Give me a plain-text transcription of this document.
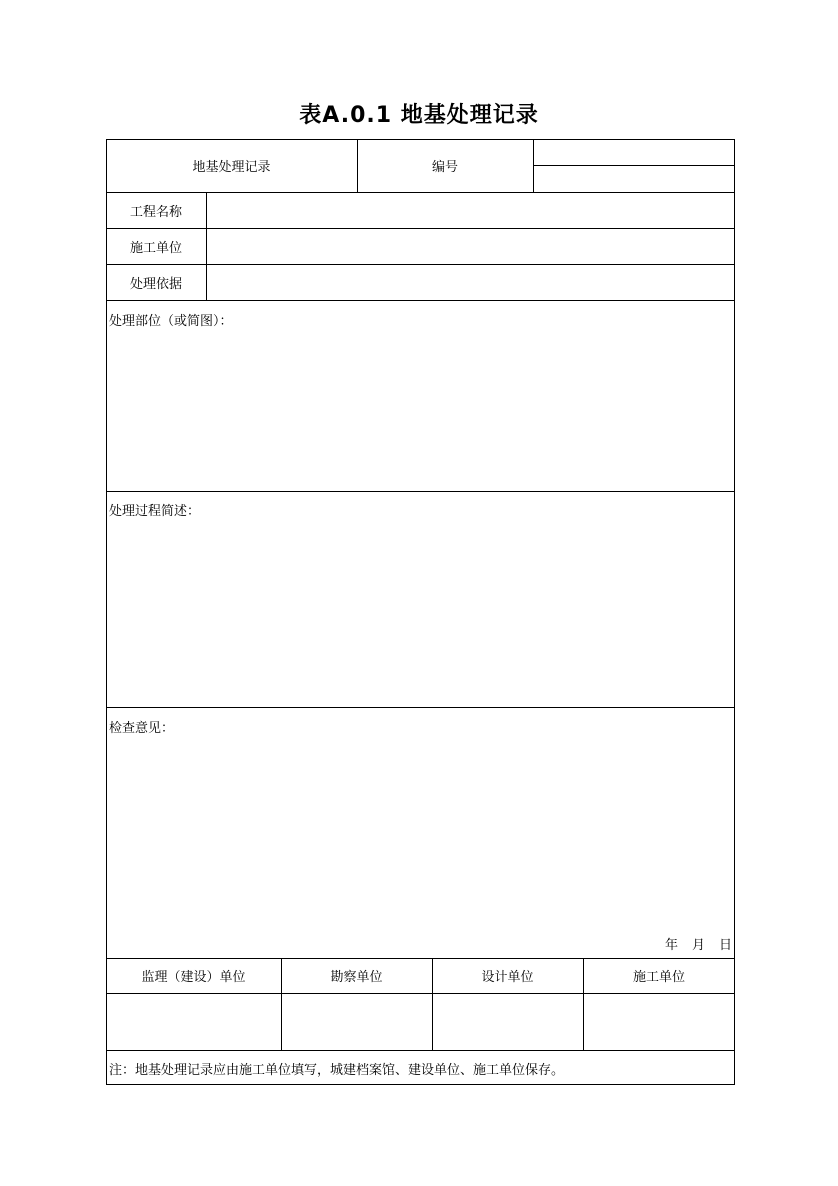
表A.0.1 地基处理记录
地基处理记录	编号
工程名称
施工单位
处理依据
处理部位（或简图）：
处理过程简述：
检查意见：
年 月 日
监理（建设）单位	勘察单位	设计单位	施工单位
注：地基处理记录应由施工单位填写，城建档案馆、建设单位、施工单位保存。
